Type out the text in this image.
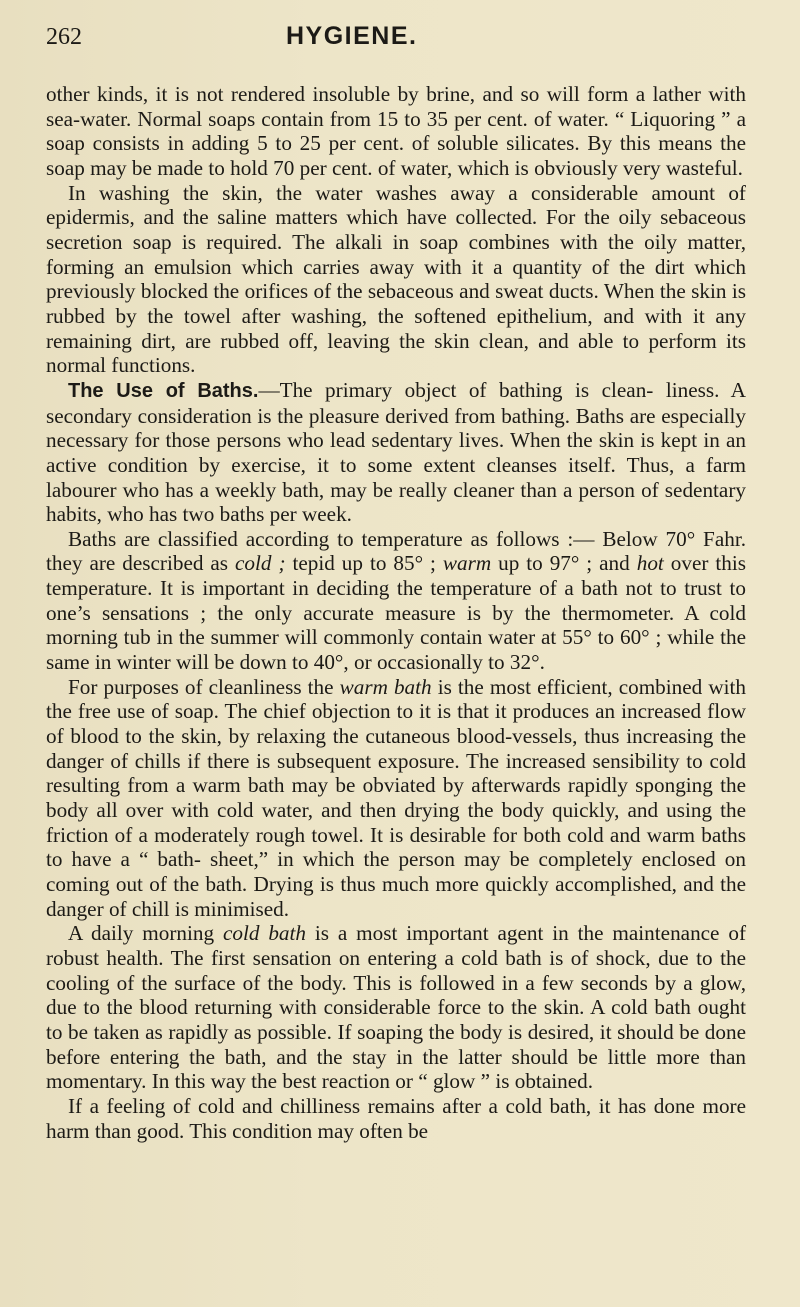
262	HYGIENE.

other kinds, it is not rendered insoluble by brine, and so will form a lather with sea-water. Normal soaps contain from 15 to 35 per cent. of water. “ Liquoring ” a soap consists in adding 5 to 25 per cent. of soluble silicates. By this means the soap may be made to hold 70 per cent. of water, which is obviously very wasteful.

In washing the skin, the water washes away a considerable amount of epidermis, and the saline matters which have collected. For the oily sebaceous secretion soap is required. The alkali in soap combines with the oily matter, forming an emulsion which carries away with it a quantity of the dirt which previously blocked the orifices of the sebaceous and sweat ducts. When the skin is rubbed by the towel after washing, the softened epithelium, and with it any remaining dirt, are rubbed off, leaving the skin clean, and able to perform its normal functions.

The Use of Baths.—The primary object of bathing is clean- liness. A secondary consideration is the pleasure derived from bathing. Baths are especially necessary for those persons who lead sedentary lives. When the skin is kept in an active condition by exercise, it to some extent cleanses itself. Thus, a farm labourer who has a weekly bath, may be really cleaner than a person of sedentary habits, who has two baths per week.

Baths are classified according to temperature as follows :— Below 70° Fahr. they are described as cold ; tepid up to 85° ; warm up to 97° ; and hot over this temperature. It is important in deciding the temperature of a bath not to trust to one’s sensations ; the only accurate measure is by the thermometer. A cold morning tub in the summer will commonly contain water at 55° to 60° ; while the same in winter will be down to 40°, or occasionally to 32°.

For purposes of cleanliness the warm bath is the most efficient, combined with the free use of soap. The chief objection to it is that it produces an increased flow of blood to the skin, by relaxing the cutaneous blood-vessels, thus increasing the danger of chills if there is subsequent exposure. The increased sensibility to cold resulting from a warm bath may be obviated by afterwards rapidly sponging the body all over with cold water, and then drying the body quickly, and using the friction of a moderately rough towel. It is desirable for both cold and warm baths to have a “ bath- sheet,” in which the person may be completely enclosed on coming out of the bath. Drying is thus much more quickly accomplished, and the danger of chill is minimised.

A daily morning cold bath is a most important agent in the maintenance of robust health. The first sensation on entering a cold bath is of shock, due to the cooling of the surface of the body. This is followed in a few seconds by a glow, due to the blood returning with considerable force to the skin. A cold bath ought to be taken as rapidly as possible. If soaping the body is desired, it should be done before entering the bath, and the stay in the latter should be little more than momentary. In this way the best reaction or “ glow ” is obtained.

If a feeling of cold and chilliness remains after a cold bath, it has done more harm than good. This condition may often be
